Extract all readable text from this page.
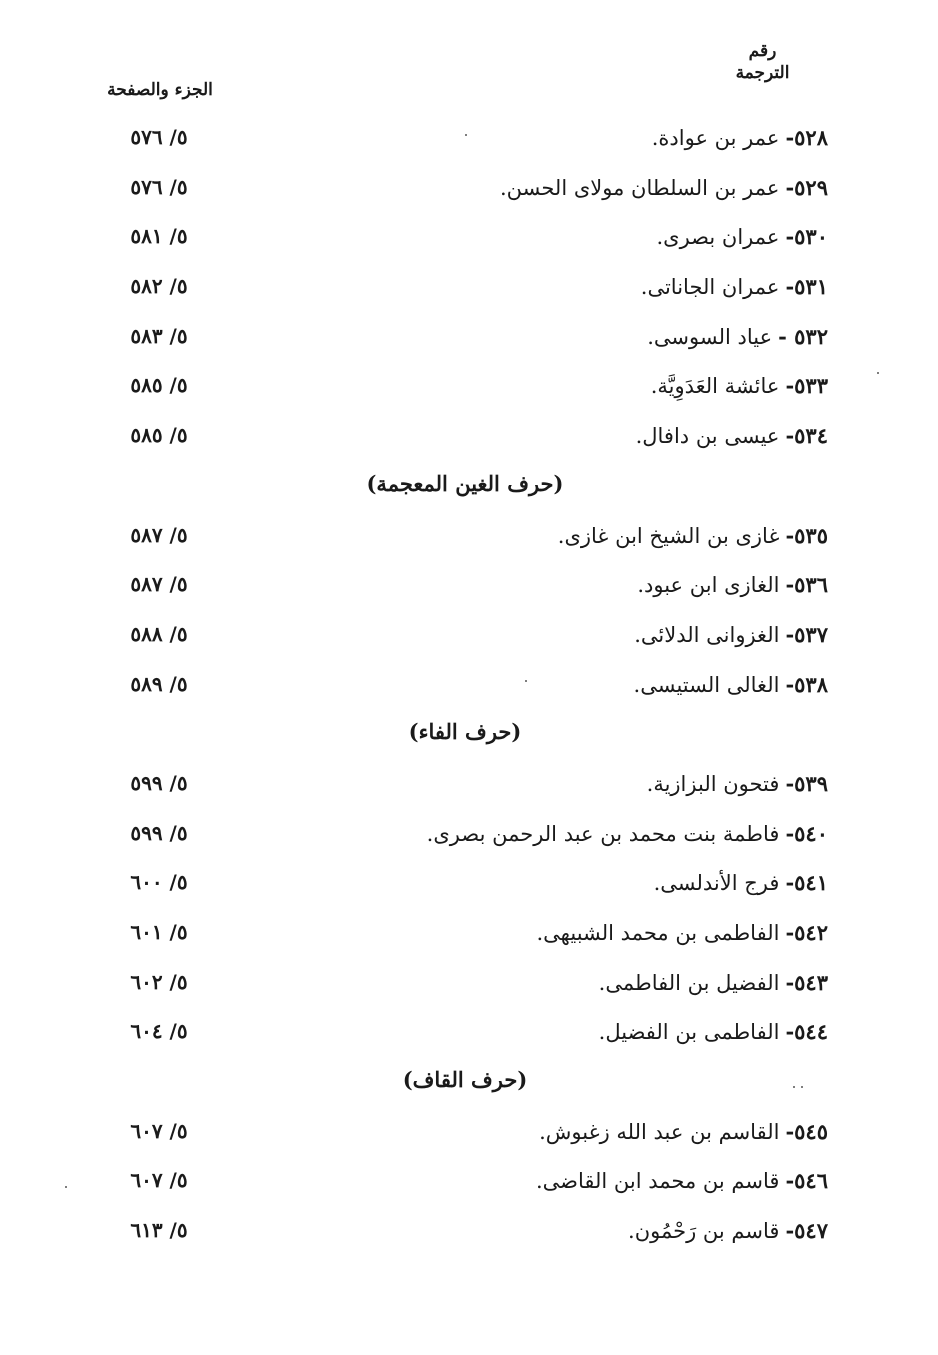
رقم
الترجمة
الجزء والصفحة
٥٢٨-عمر بن عوادة.
٥/ ٥٧٦
٥٢٩-عمر بن السلطان مولاى الحسن.
٥/ ٥٧٦
٥٣٠-عمران بصرى.
٥/ ٥٨١
٥٣١-عمران الجاناتى.
٥/ ٥٨٢
٥٣٢ -عياد السوسى.
٥/ ٥٨٣
٥٣٣-عائشة العَدَوِيَّة.
٥/ ٥٨٥
٥٣٤-عيسى بن دافال.
٥/ ٥٨٥
(حرف الغين المعجمة)
٥٣٥-غازى بن الشيخ ابن غازى.
٥/ ٥٨٧
٥٣٦-الغازى ابن عبود.
٥/ ٥٨٧
٥٣٧-الغزوانى الدلائى.
٥/ ٥٨٨
٥٣٨-الغالى الستيسى.
٥/ ٥٨٩
(حرف الفاء)
٥٣٩-فتحون البزازية.
٥/ ٥٩٩
٥٤٠-فاطمة بنت محمد بن عبد الرحمن بصرى.
٥/ ٥٩٩
٥٤١-فرج الأندلسى.
٥/ ٦٠٠
٥٤٢-الفاطمى بن محمد الشبيهى.
٥/ ٦٠١
٥٤٣-الفضيل بن الفاطمى.
٥/ ٦٠٢
٥٤٤-الفاطمى بن الفضيل.
٥/ ٦٠٤
(حرف القاف)
٥٤٥-القاسم بن عبد الله زغبوش.
٥/ ٦٠٧
٥٤٦-قاسم بن محمد ابن القاضى.
٥/ ٦٠٧
٥٤٧-قاسم بن رَحْمُون.
٥/ ٦١٣
